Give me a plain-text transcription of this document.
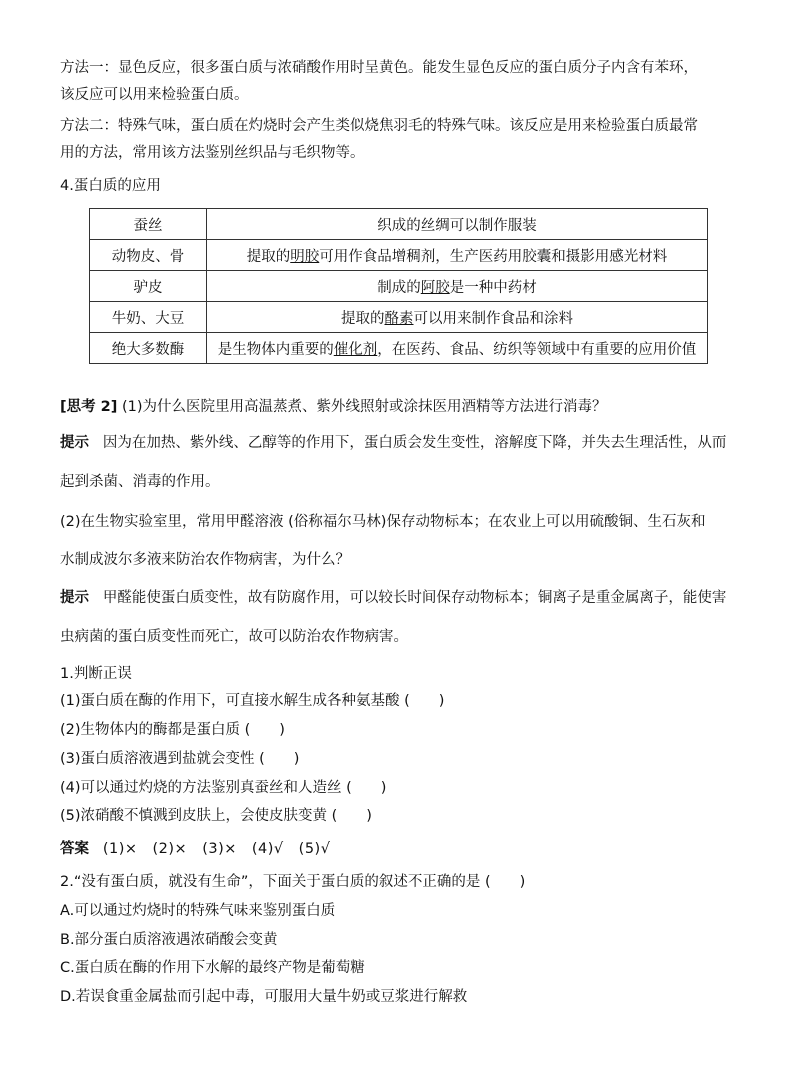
方法一：显色反应，很多蛋白质与浓硝酸作用时呈黄色。能发生显色反应的蛋白质分子内含有苯环，
该反应可以用来检验蛋白质。
方法二：特殊气味，蛋白质在灼烧时会产生类似烧焦羽毛的特殊气味。该反应是用来检验蛋白质最常
用的方法，常用该方法鉴别丝织品与毛织物等。
4.蛋白质的应用
蚕丝	织成的丝绸可以制作服装
动物皮、骨	提取的明胶可用作食品增稠剂，生产医药用胶囊和摄影用感光材料
驴皮	制成的阿胶是一种中药材
牛奶、大豆	提取的酪素可以用来制作食品和涂料
绝大多数酶	是生物体内重要的催化剂，在医药、食品、纺织等领域中有重要的应用价值
[思考 2] (1)为什么医院里用高温蒸煮、紫外线照射或涂抹医用酒精等方法进行消毒？
提示 因为在加热、紫外线、乙醇等的作用下，蛋白质会发生变性，溶解度下降，并失去生理活性，从而
起到杀菌、消毒的作用。
(2)在生物实验室里，常用甲醛溶液 (俗称福尔马林)保存动物标本；在农业上可以用硫酸铜、生石灰和
水制成波尔多液来防治农作物病害，为什么？
提示 甲醛能使蛋白质变性，故有防腐作用，可以较长时间保存动物标本；铜离子是重金属离子，能使害
虫病菌的蛋白质变性而死亡，故可以防治农作物病害。
1.判断正误
(1)蛋白质在酶的作用下，可直接水解生成各种氨基酸 (　　)
(2)生物体内的酶都是蛋白质 (　　)
(3)蛋白质溶液遇到盐就会变性 (　　)
(4)可以通过灼烧的方法鉴别真蚕丝和人造丝 (　　)
(5)浓硝酸不慎溅到皮肤上，会使皮肤变黄 (　　)
答案 (1)×　(2)×　(3)×　(4)√　(5)√
2.“没有蛋白质，就没有生命”，下面关于蛋白质的叙述不正确的是 (　　)
A.可以通过灼烧时的特殊气味来鉴别蛋白质
B.部分蛋白质溶液遇浓硝酸会变黄
C.蛋白质在酶的作用下水解的最终产物是葡萄糖
D.若误食重金属盐而引起中毒，可服用大量牛奶或豆浆进行解救
